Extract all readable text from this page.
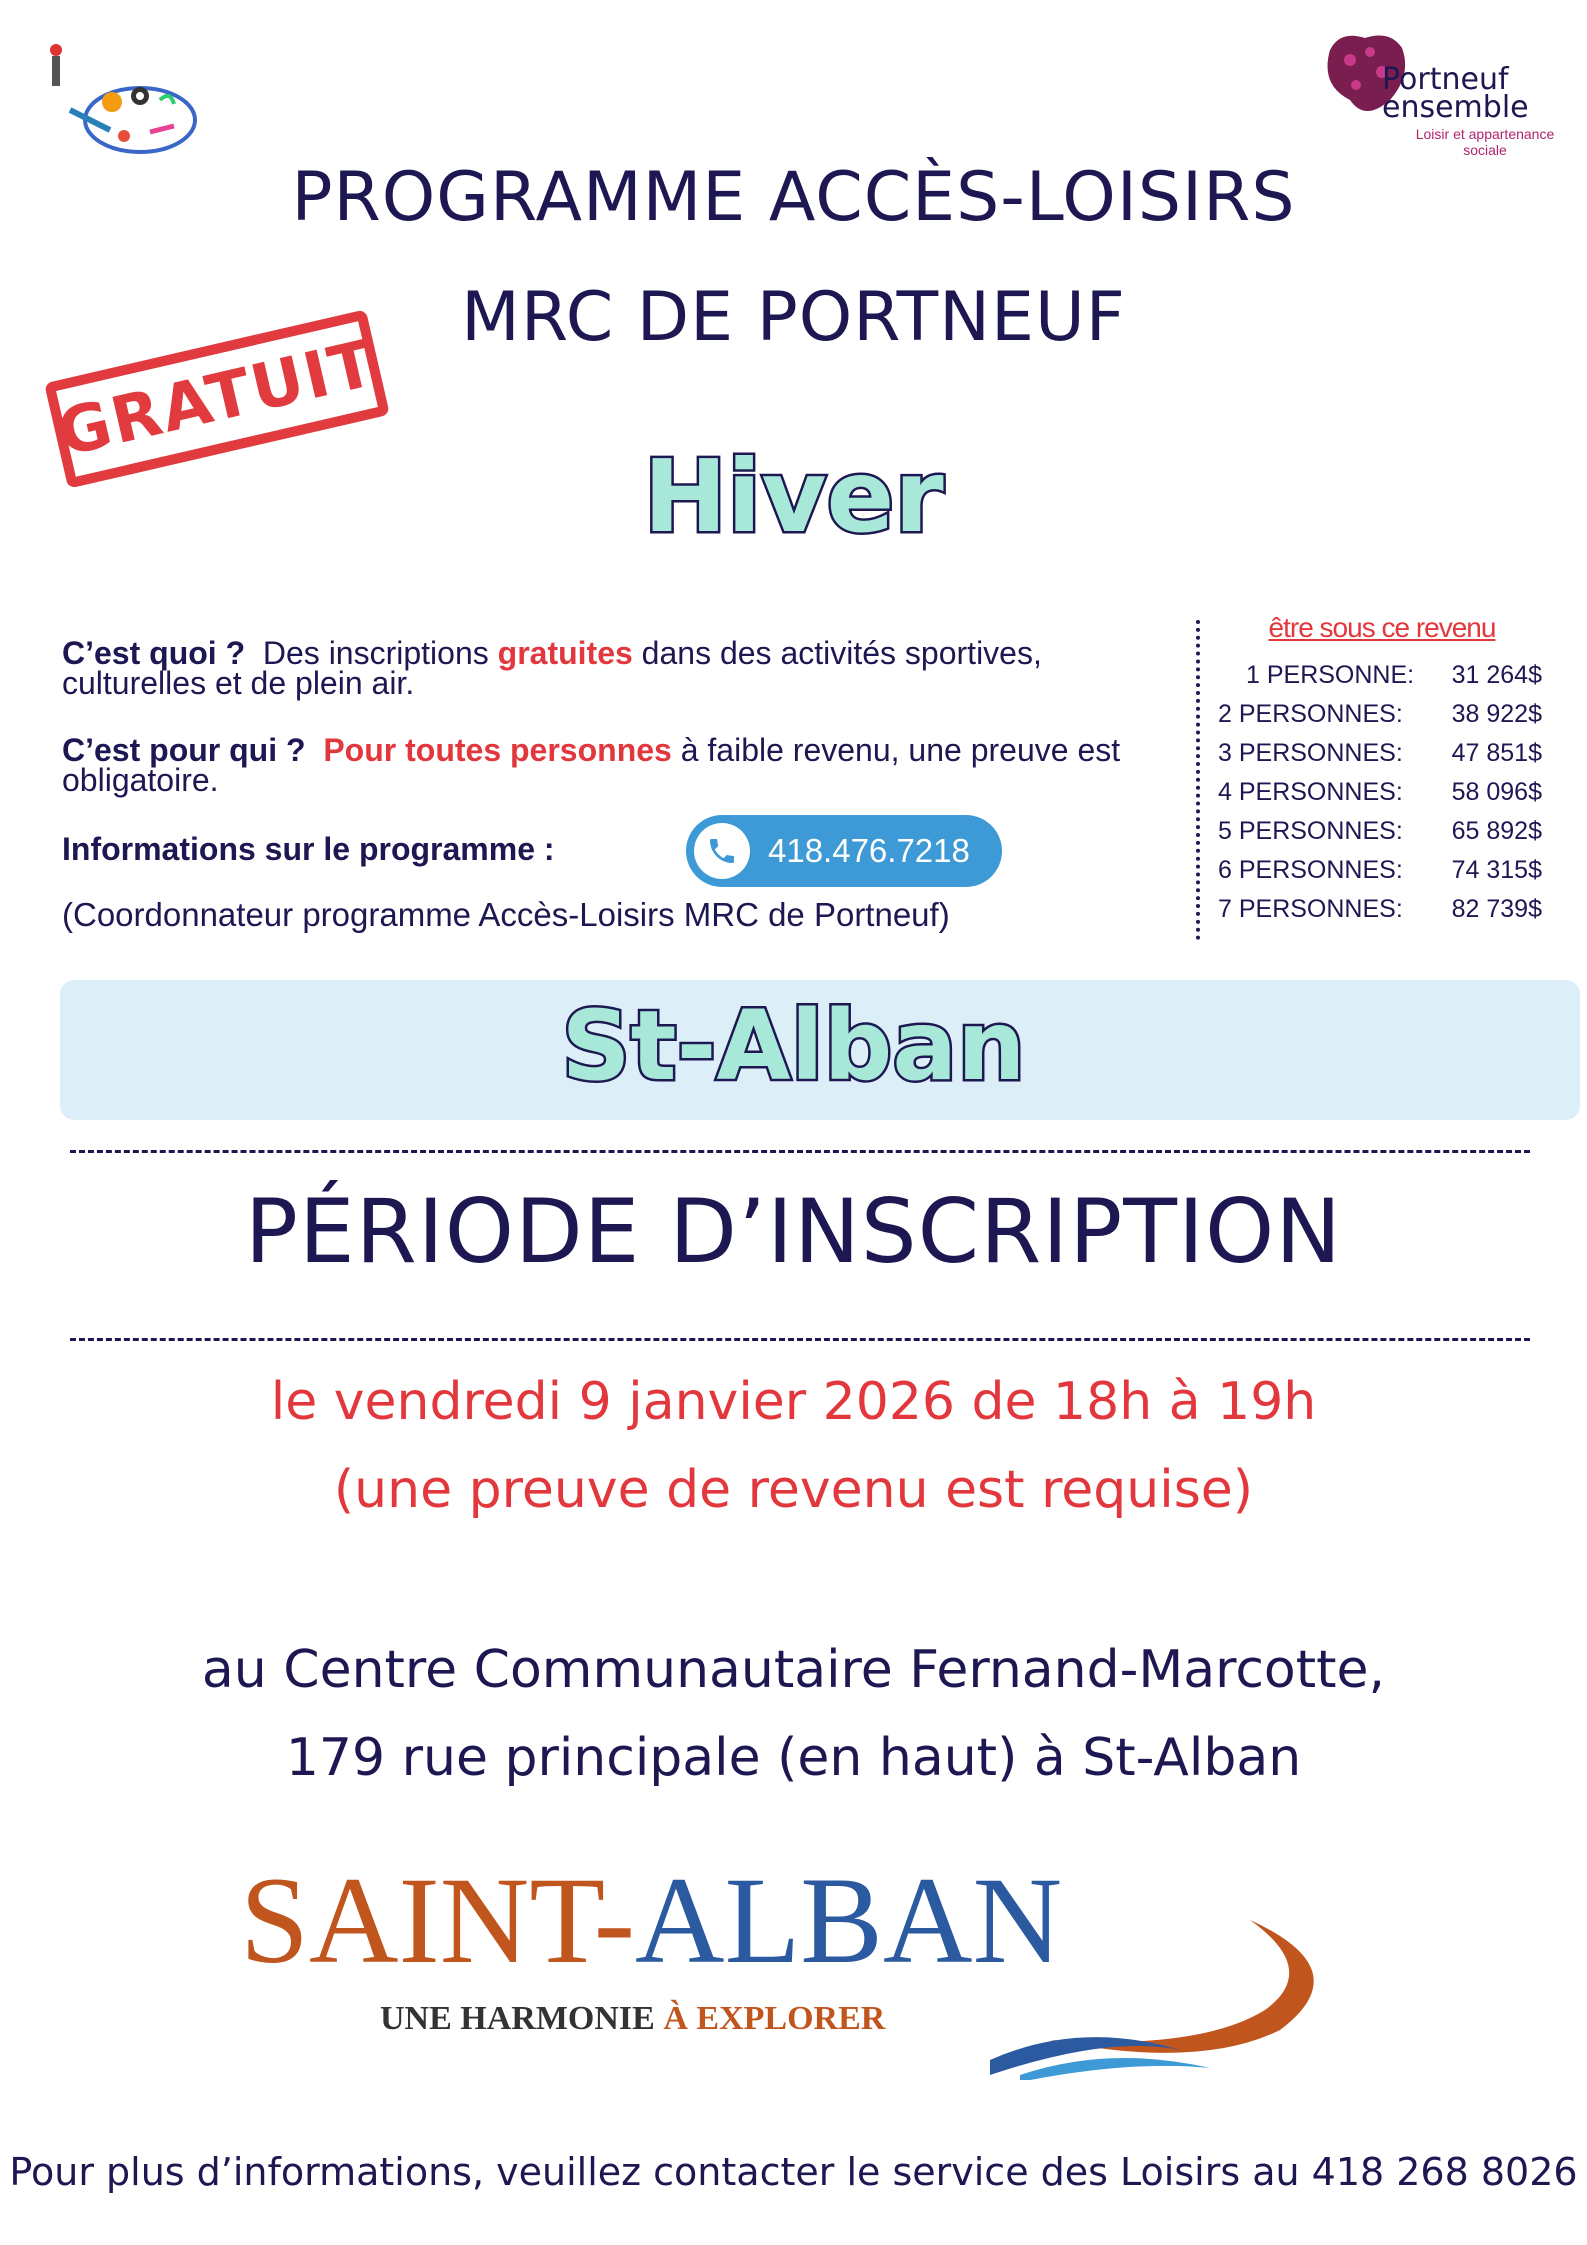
Portneuf
ensemble
Loisir et appartenance
sociale
PROGRAMME ACCÈS-LOISIRS
MRC DE PORTNEUF
GRATUIT
Hiver
C’est quoi ? Des inscriptions gratuites dans des activités sportives, culturelles et de plein air.
C’est pour qui ? Pour toutes personnes à faible revenu, une preuve est obligatoire.
Informations sur le programme :	418.476.7218
(Coordonnateur programme Accès-Loisirs MRC de Portneuf)
être sous ce revenu
1 PERSONNE: 31 264$
2 PERSONNES: 38 922$
3 PERSONNES: 47 851$
4 PERSONNES: 58 096$
5 PERSONNES: 65 892$
6 PERSONNES: 74 315$
7 PERSONNES: 82 739$
St-Alban
PÉRIODE D’INSCRIPTION
le vendredi 9 janvier 2026 de 18h à 19h
(une preuve de revenu est requise)
au Centre Communautaire Fernand-Marcotte,
179 rue principale (en haut) à St-Alban
SAINT-ALBAN
UNE HARMONIE À EXPLORER
Pour plus d’informations, veuillez contacter le service des Loisirs au 418 268 8026
